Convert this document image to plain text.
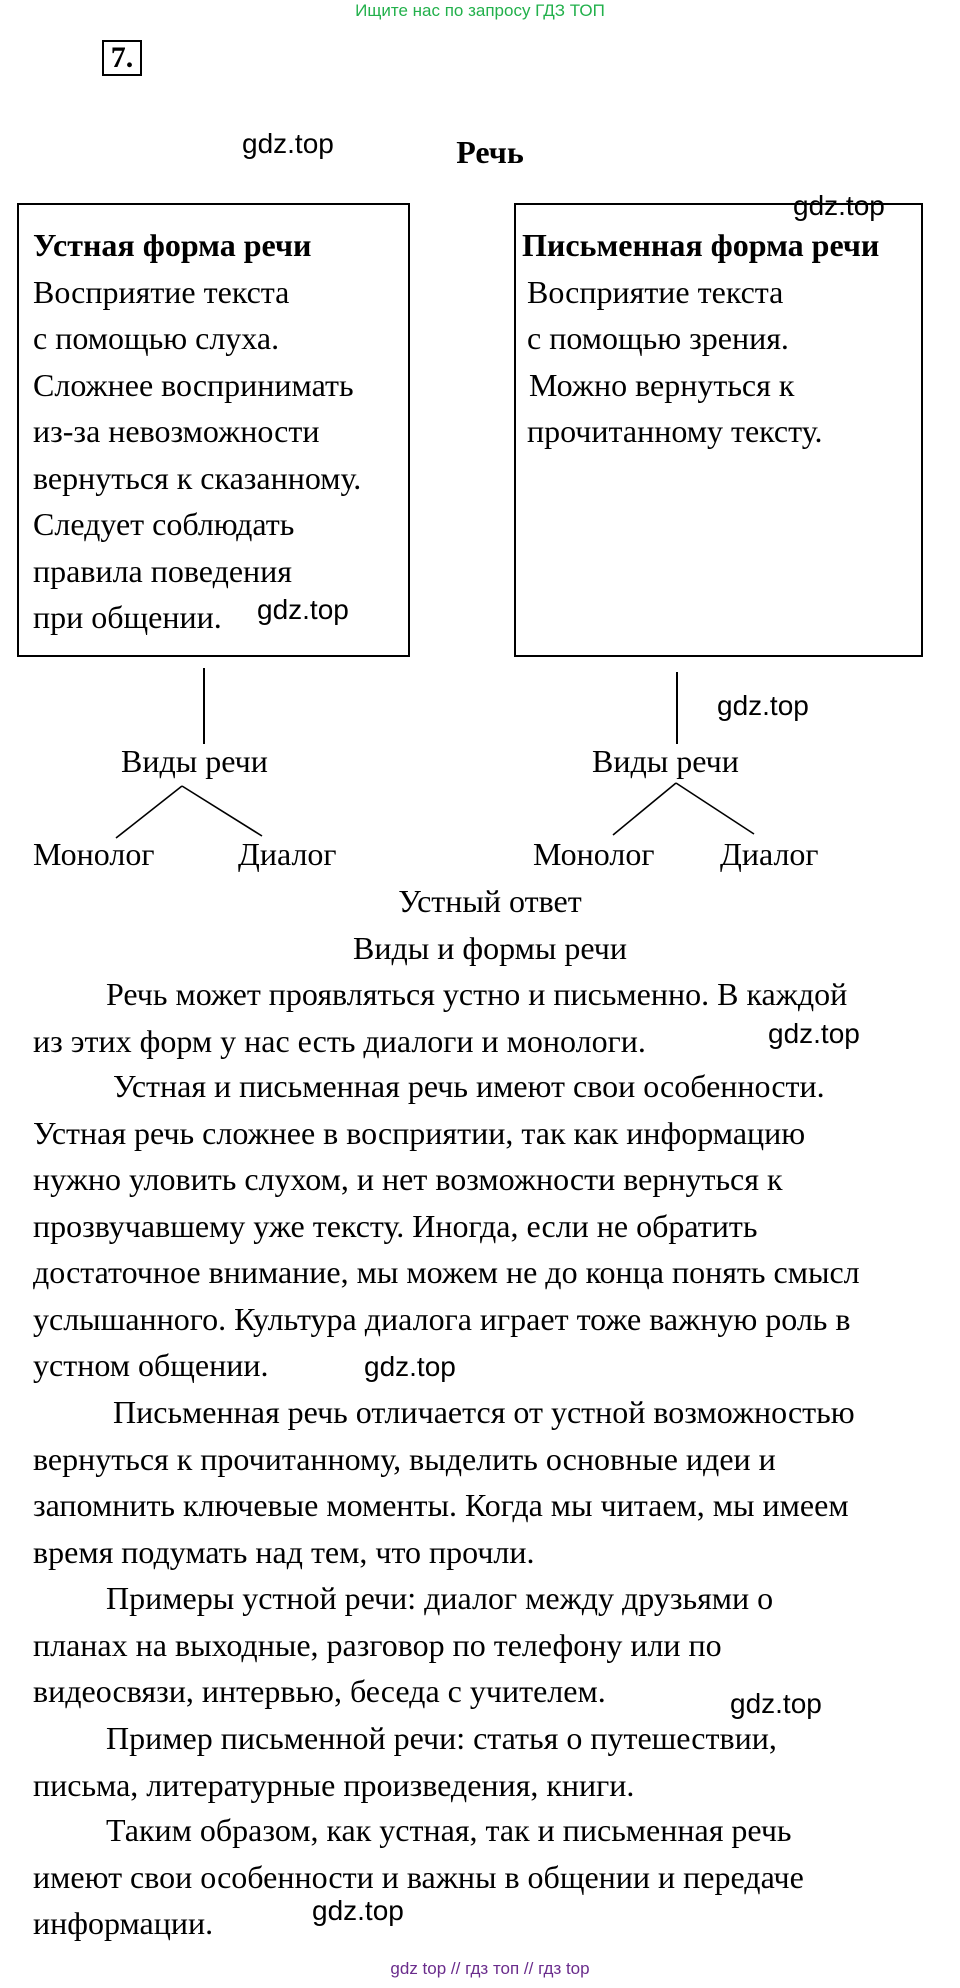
Ищите нас по запросу ГДЗ ТОП
7.
Речь
Устная форма речи
Восприятие текста
с помощью слуха.
Сложнее воспринимать
из-за невозможности
вернуться к сказанному.
Следует соблюдать
правила поведения
при общении.
Письменная форма речи
Восприятие текста
с помощью зрения.
Можно вернуться к
прочитанному тексту.
Виды речи
Монолог	Диалог
Виды речи
Монолог Диалог
Устный ответ
Виды и формы речи
Речь может проявляться устно и письменно. В каждой
из этих форм у нас есть диалоги и монологи.
Устная и письменная речь имеют свои особенности.
Устная речь сложнее в восприятии, так как информацию
нужно уловить слухом, и нет возможности вернуться к
прозвучавшему уже тексту. Иногда, если не обратить
достаточное внимание, мы можем не до конца понять смысл
услышанного. Культура диалога играет тоже важную роль в
устном общении.
Письменная речь отличается от устной возможностью
вернуться к прочитанному, выделить основные идеи и
запомнить ключевые моменты. Когда мы читаем, мы имеем
время подумать над тем, что прочли.
Примеры устной речи: диалог между друзьями о
планах на выходные, разговор по телефону или по
видеосвязи, интервью, беседа с учителем.
Пример письменной речи: статья о путешествии,
письма, литературные произведения, книги.
Таким образом, как устная, так и письменная речь
имеют свои особенности и важны в общении и передаче
информации.
gdz.top
gdz.top
gdz.top
gdz.top
gdz.top
gdz.top
gdz.top
gdz.top
gdz top // гдз топ // гдз top
